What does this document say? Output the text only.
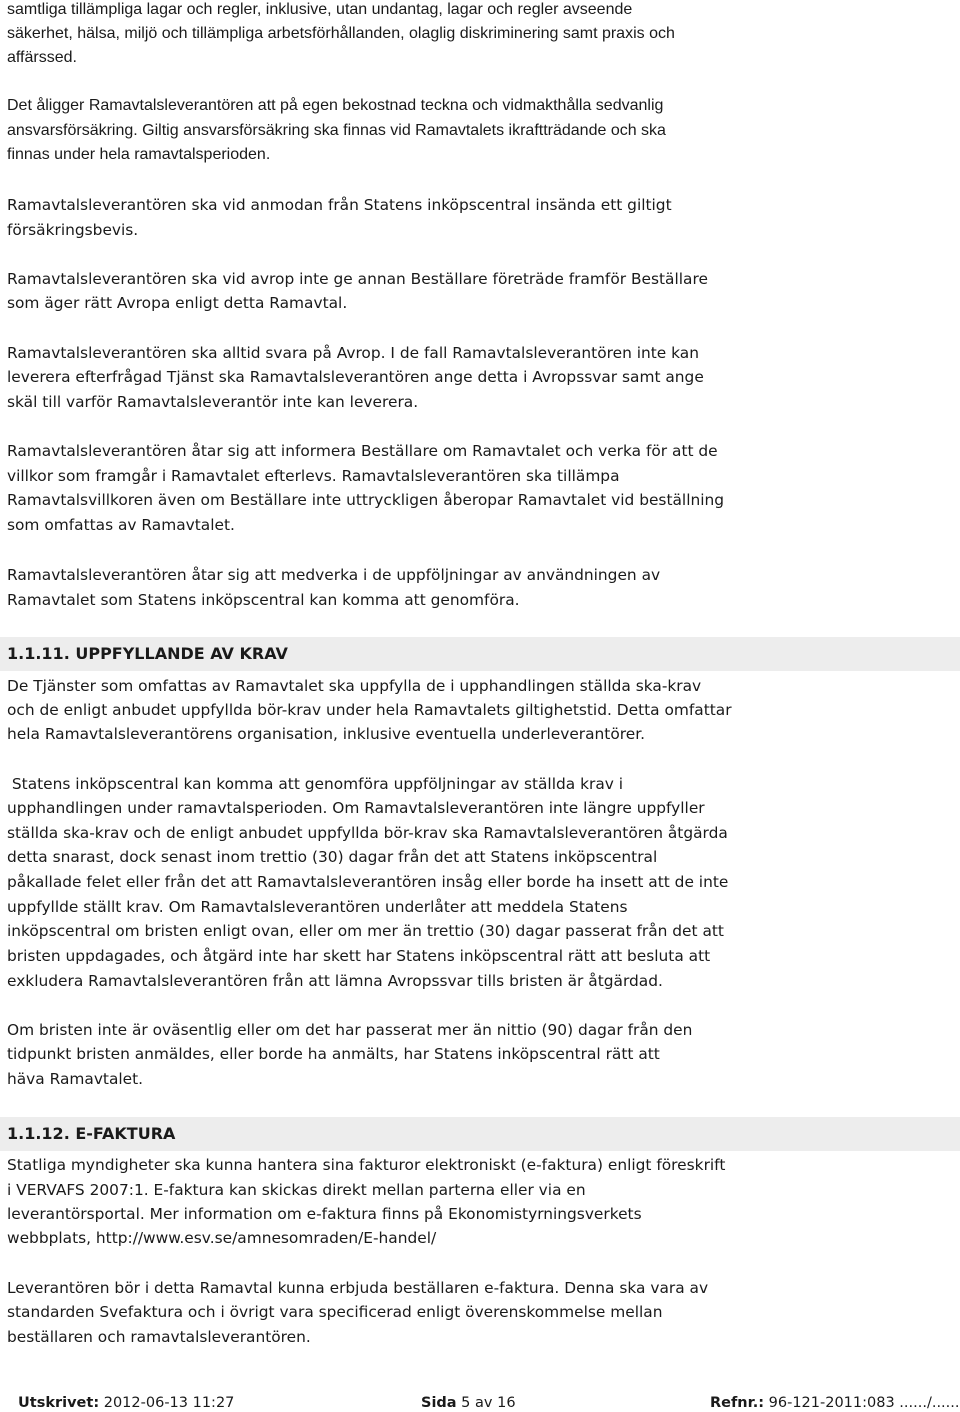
samtliga tillämpliga lagar och regler, inklusive, utan undantag, lagar och regler avseende
säkerhet, hälsa, miljö och tillämpliga arbetsförhållanden, olaglig diskriminering samt praxis och
affärssed.
Det åligger Ramavtalsleverantören att på egen bekostnad teckna och vidmakthålla sedvanlig
ansvarsförsäkring. Giltig ansvarsförsäkring ska finnas vid Ramavtalets ikraftträdande och ska
finnas under hela ramavtalsperioden.
Ramavtalsleverantören ska vid anmodan från Statens inköpscentral insända ett giltigt
försäkringsbevis.
Ramavtalsleverantören ska vid avrop inte ge annan Beställare företräde framför Beställare
som äger rätt Avropa enligt detta Ramavtal.
Ramavtalsleverantören ska alltid svara på Avrop. I de fall Ramavtalsleverantören inte kan
leverera efterfrågad Tjänst ska Ramavtalsleverantören ange detta i Avropssvar samt ange
skäl till varför Ramavtalsleverantör inte kan leverera.
Ramavtalsleverantören åtar sig att informera Beställare om Ramavtalet och verka för att de
villkor som framgår i Ramavtalet efterlevs. Ramavtalsleverantören ska tillämpa
Ramavtalsvillkoren även om Beställare inte uttryckligen åberopar Ramavtalet vid beställning
som omfattas av Ramavtalet.
Ramavtalsleverantören åtar sig att medverka i de uppföljningar av användningen av
Ramavtalet som Statens inköpscentral kan komma att genomföra.
1.1.11. UPPFYLLANDE AV KRAV
De Tjänster som omfattas av Ramavtalet ska uppfylla de i upphandlingen ställda ska-krav
och de enligt anbudet uppfyllda bör-krav under hela Ramavtalets giltighetstid. Detta omfattar
hela Ramavtalsleverantörens organisation, inklusive eventuella underleverantörer.
Statens inköpscentral kan komma att genomföra uppföljningar av ställda krav i
upphandlingen under ramavtalsperioden. Om Ramavtalsleverantören inte längre uppfyller
ställda ska-krav och de enligt anbudet uppfyllda bör-krav ska Ramavtalsleverantören åtgärda
detta snarast, dock senast inom trettio (30) dagar från det att Statens inköpscentral
påkallade felet eller från det att Ramavtalsleverantören insåg eller borde ha insett att de inte
uppfyllde ställt krav. Om Ramavtalsleverantören underlåter att meddela Statens
inköpscentral om bristen enligt ovan, eller om mer än trettio (30) dagar passerat från det att
bristen uppdagades, och åtgärd inte har skett har Statens inköpscentral rätt att besluta att
exkludera Ramavtalsleverantören från att lämna Avropssvar tills bristen är åtgärdad.
Om bristen inte är oväsentlig eller om det har passerat mer än nittio (90) dagar från den
tidpunkt bristen anmäldes, eller borde ha anmälts, har Statens inköpscentral rätt att
häva Ramavtalet.
1.1.12. E-FAKTURA
Statliga myndigheter ska kunna hantera sina fakturor elektroniskt (e-faktura) enligt föreskrift
i VERVAFS 2007:1. E-faktura kan skickas direkt mellan parterna eller via en
leverantörsportal. Mer information om e-faktura finns på Ekonomistyrningsverkets
webbplats, http://www.esv.se/amnesomraden/E-handel/
Leverantören bör i detta Ramavtal kunna erbjuda beställaren e-faktura. Denna ska vara av
standarden Svefaktura och i övrigt vara specificerad enligt överenskommelse mellan
beställaren och ramavtalsleverantören.
Utskrivet: 2012-06-13 11:27	Sida 5 av 16	Refnr.: 96-121-2011:083 ....../......
